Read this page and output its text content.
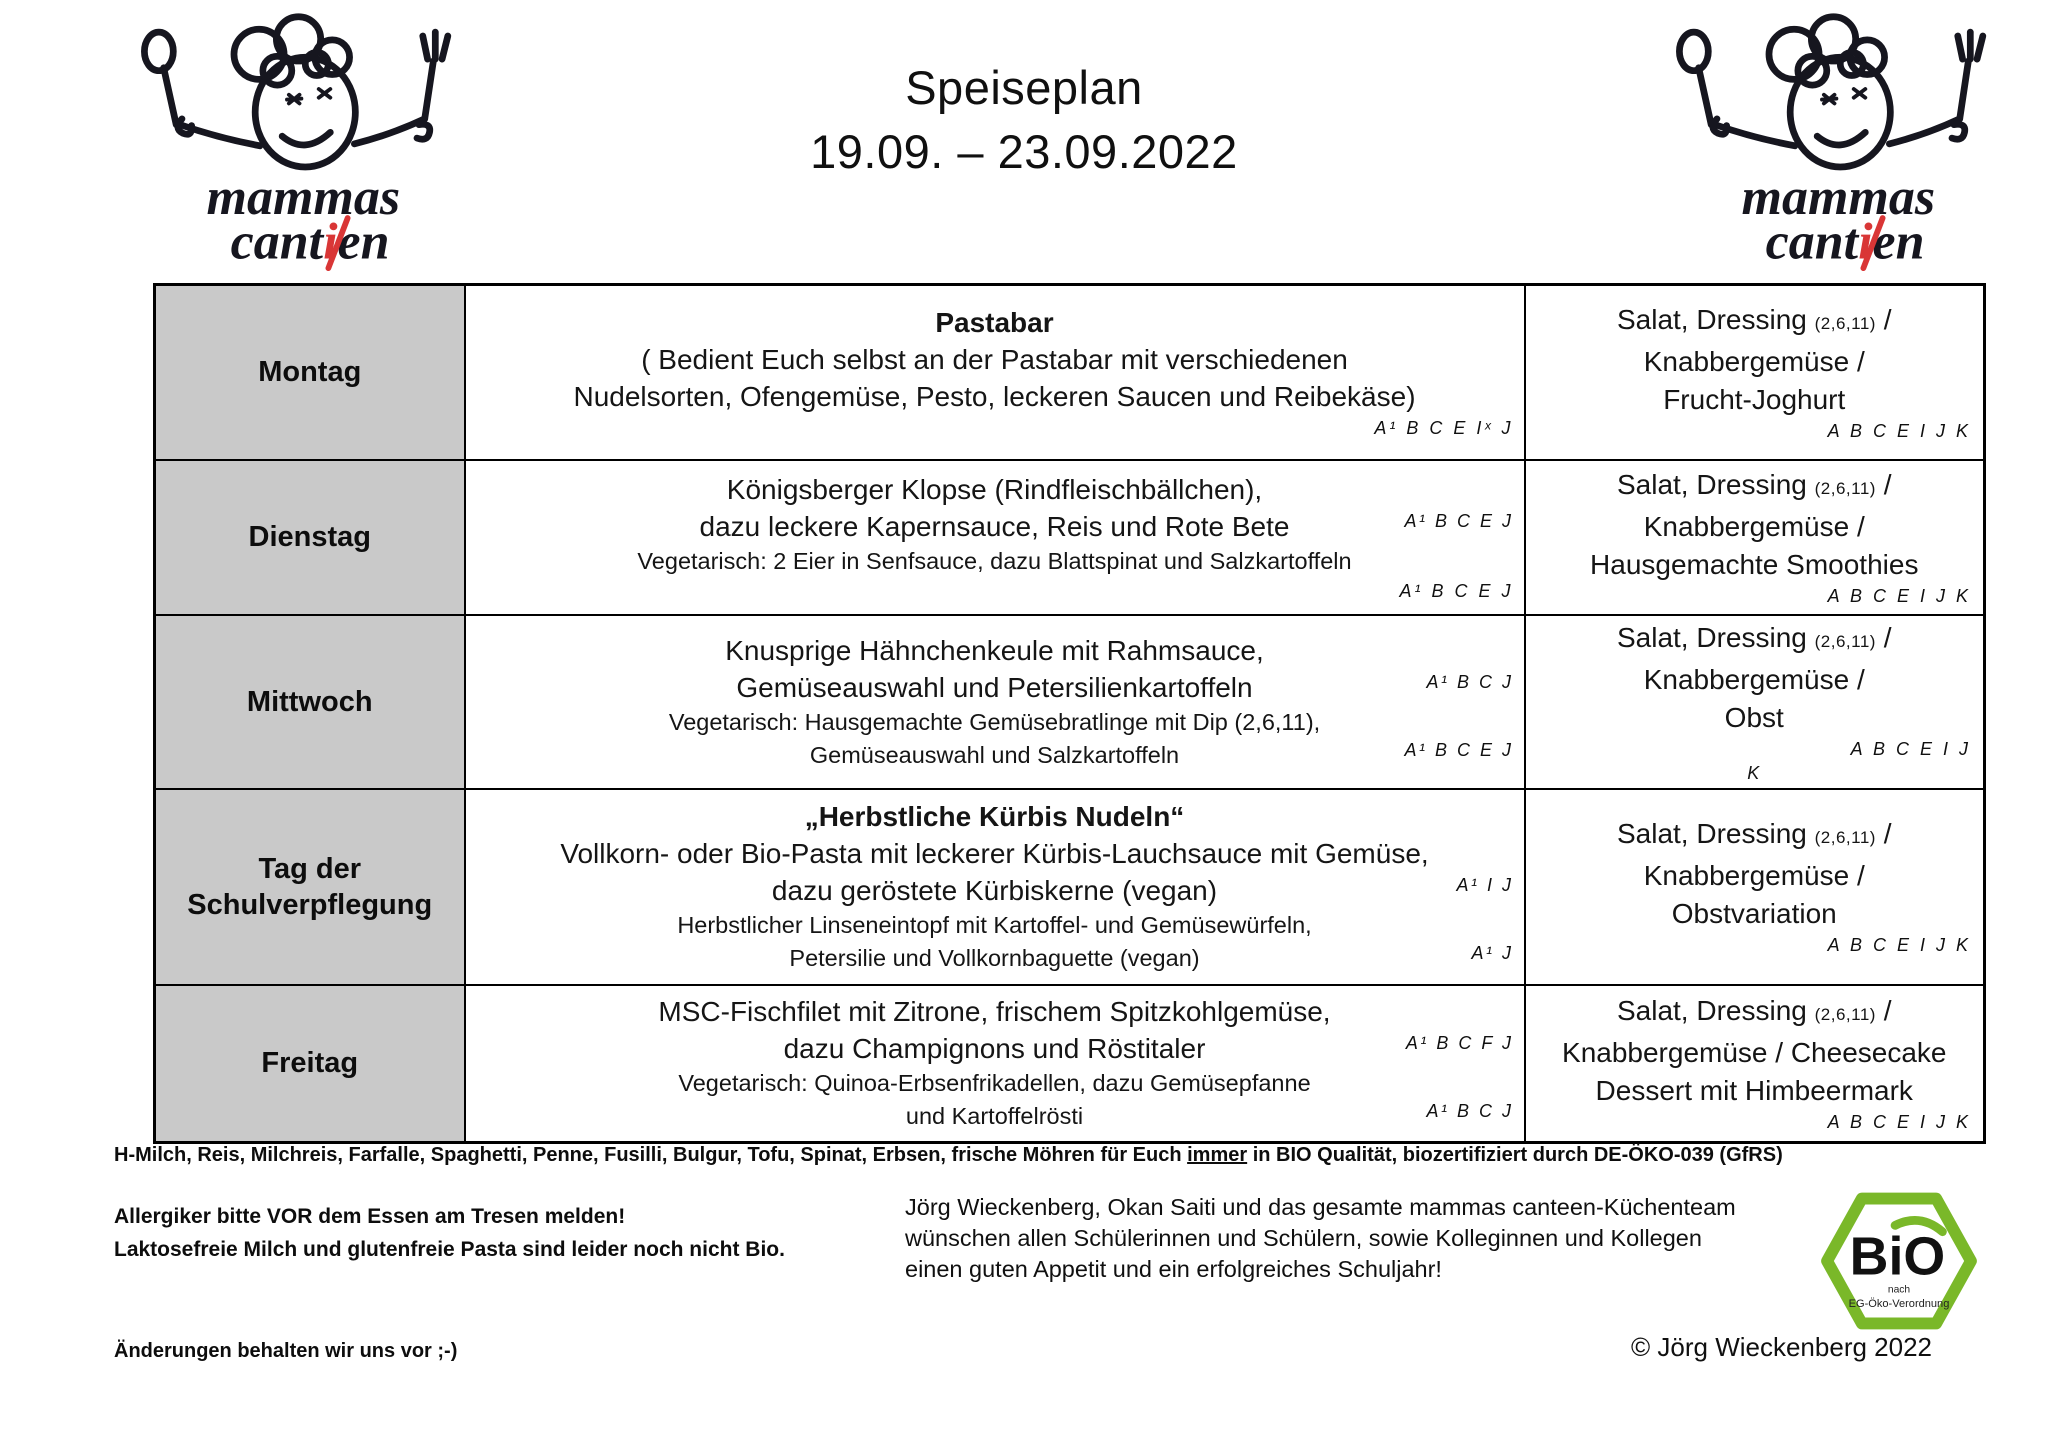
mammas
cantien
Speiseplan
19.09. – 23.09.2022
mammas
cantien
Montag	
Pastabar
( Bedient Euch selbst an der Pastabar mit verschiedenen
Nudelsorten, Ofengemüse, Pesto, leckeren Saucen und Reibekäse)
A¹ B C E Iˣ J

Salat, Dressing (2,6,11) /
Knabbergemüse /
Frucht-Joghurt
A B C E I J K

Dienstag	
Königsberger Klopse (Rindfleischbällchen),
dazu leckere Kapernsauce, Reis und Rote Bete	A¹ B C E J
Vegetarisch: 2 Eier in Senfsauce, dazu Blattspinat und Salzkartoffeln
A¹ B C E J

Salat, Dressing (2,6,11) /
Knabbergemüse /
Hausgemachte Smoothies
A B C E I J K

Mittwoch	
Knusprige Hähnchenkeule mit Rahmsauce,
Gemüseauswahl und Petersilienkartoffeln	A¹ B C J
Vegetarisch: Hausgemachte Gemüsebratlinge mit Dip (2,6,11),
Gemüseauswahl und Salzkartoffeln	A¹ B C E J

Salat, Dressing (2,6,11) /
Knabbergemüse /
Obst
A B C E I J
K

Tag der Schulverpflegung	
„Herbstliche Kürbis Nudeln“
Vollkorn- oder Bio-Pasta mit leckerer Kürbis-Lauchsauce mit Gemüse,
dazu geröstete Kürbiskerne (vegan)	A¹ I J
Herbstlicher Linseneintopf mit Kartoffel- und Gemüsewürfeln,
Petersilie und Vollkornbaguette (vegan)	A¹ J

Salat, Dressing (2,6,11) /
Knabbergemüse /
Obstvariation
A B C E I J K

Freitag	
MSC-Fischfilet mit Zitrone, frischem Spitzkohlgemüse,
dazu Champignons und Röstitaler	A¹ B C F J
Vegetarisch: Quinoa-Erbsenfrikadellen, dazu Gemüsepfanne
und Kartoffelrösti	A¹ B C J

Salat, Dressing (2,6,11) /
Knabbergemüse / Cheesecake
Dessert mit Himbeermark
A B C E I J K
H-Milch, Reis, Milchreis, Farfalle, Spaghetti, Penne, Fusilli, Bulgur, Tofu, Spinat, Erbsen, frische Möhren für Euch immer in BIO Qualität, biozertifiziert durch DE-ÖKO-039 (GfRS)
Allergiker bitte VOR dem Essen am Tresen melden!
Laktosefreie Milch und glutenfreie Pasta sind leider noch nicht Bio.
Jörg Wieckenberg, Okan Saiti und das gesamte mammas canteen-Küchenteam
wünschen allen Schülerinnen und Schülern, sowie Kolleginnen und Kollegen
einen guten Appetit und ein erfolgreiches Schuljahr!	BiO
nach
EG-Öko-Verordnung
Änderungen behalten wir uns vor ;-)	© Jörg Wieckenberg 2022
